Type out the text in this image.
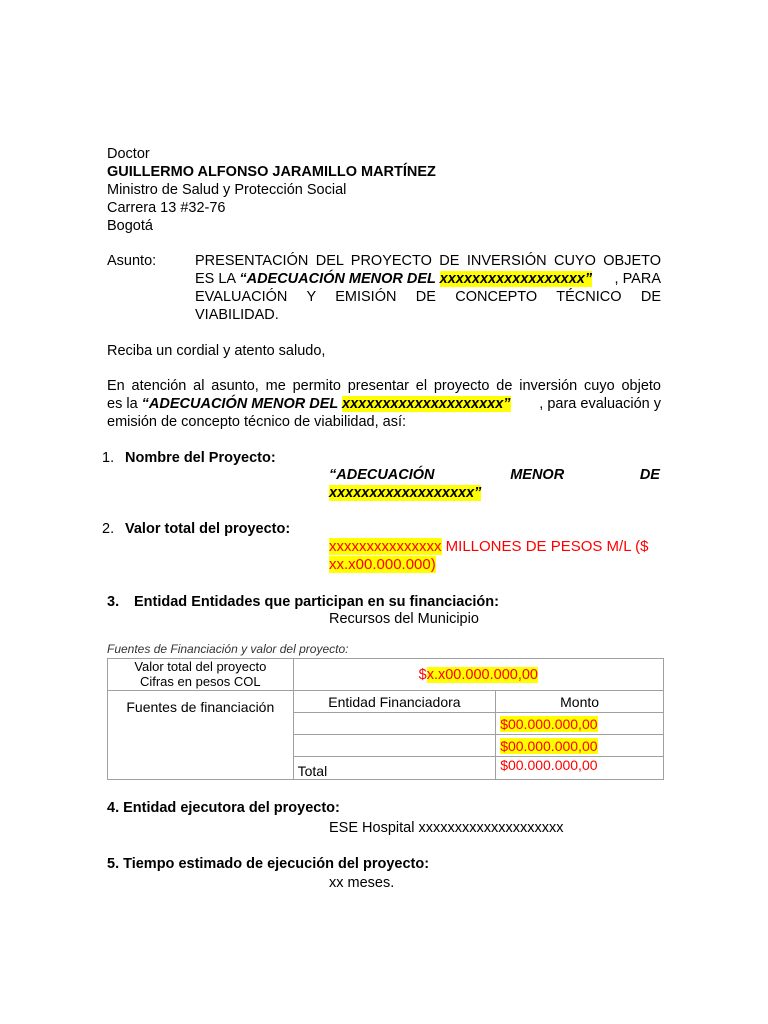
Doctor
GUILLERMO ALFONSO JARAMILLO MARTÍNEZ
Ministro de Salud y Protección Social
Carrera 13 #32-76
Bogotá
Asunto:	PRESENTACIÓN DEL PROYECTO DE INVERSIÓN CUYO OBJETO
ES LA “ADECUACIÓN MENOR DEL xxxxxxxxxxxxxxxxxx” , PARA
EVALUACIÓN Y EMISIÓN DE CONCEPTO TÉCNICO DE
VIABILIDAD.
Reciba un cordial y atento saludo,
En atención al asunto, me permito presentar el proyecto de inversión cuyo objeto
es la “ADECUACIÓN MENOR DEL xxxxxxxxxxxxxxxxxxxx” , para evaluación y
emisión de concepto técnico de viabilidad, así:
1. Nombre del Proyecto:
“ADECUACIÓN	MENOR	DE
xxxxxxxxxxxxxxxxxx”
2. Valor total del proyecto:
xxxxxxxxxxxxxxx MILLONES DE PESOS M/L ($
xx.x00.000.000)
3. Entidad Entidades que participan en su financiación:
Recursos del Municipio
Fuentes de Financiación y valor del proyecto:
Valor total del proyecto
Cifras en pesos COL	$x.x00.000.000,00	
Fuentes de financiación	Entidad Financiadora	Monto
		$00.000.000,00
		$00.000.000,00
	Total	$00.000.000,00
4. Entidad ejecutora del proyecto:
ESE Hospital xxxxxxxxxxxxxxxxxxxx
5. Tiempo estimado de ejecución del proyecto:
xx meses.
